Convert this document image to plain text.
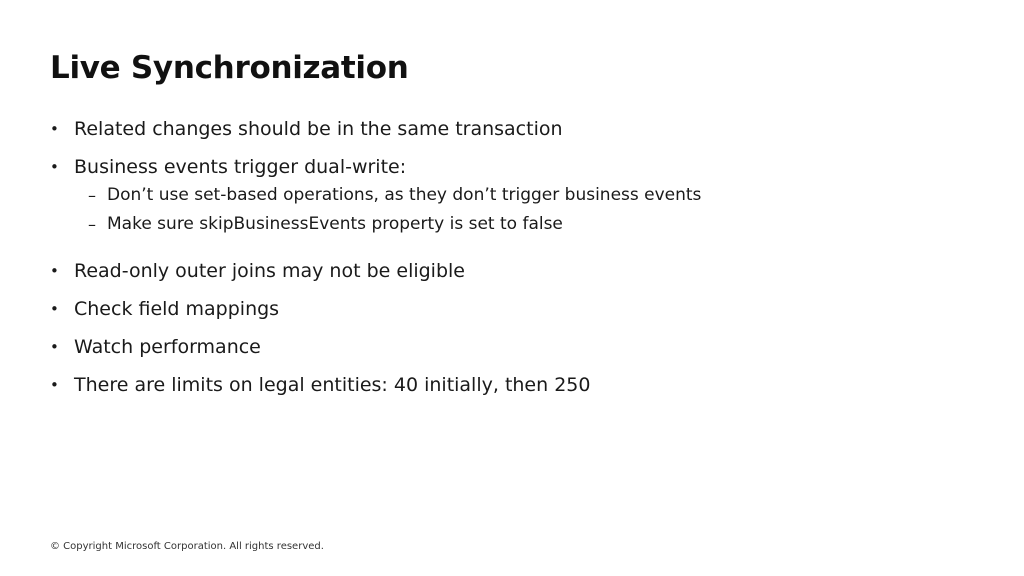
Live Synchronization
• Related changes should be in the same transaction
• Business events trigger dual-write:
– Don’t use set-based operations, as they don’t trigger business events
– Make sure skipBusinessEvents property is set to false
• Read-only outer joins may not be eligible
• Check field mappings
• Watch performance
• There are limits on legal entities: 40 initially, then 250
© Copyright Microsoft Corporation. All rights reserved.
